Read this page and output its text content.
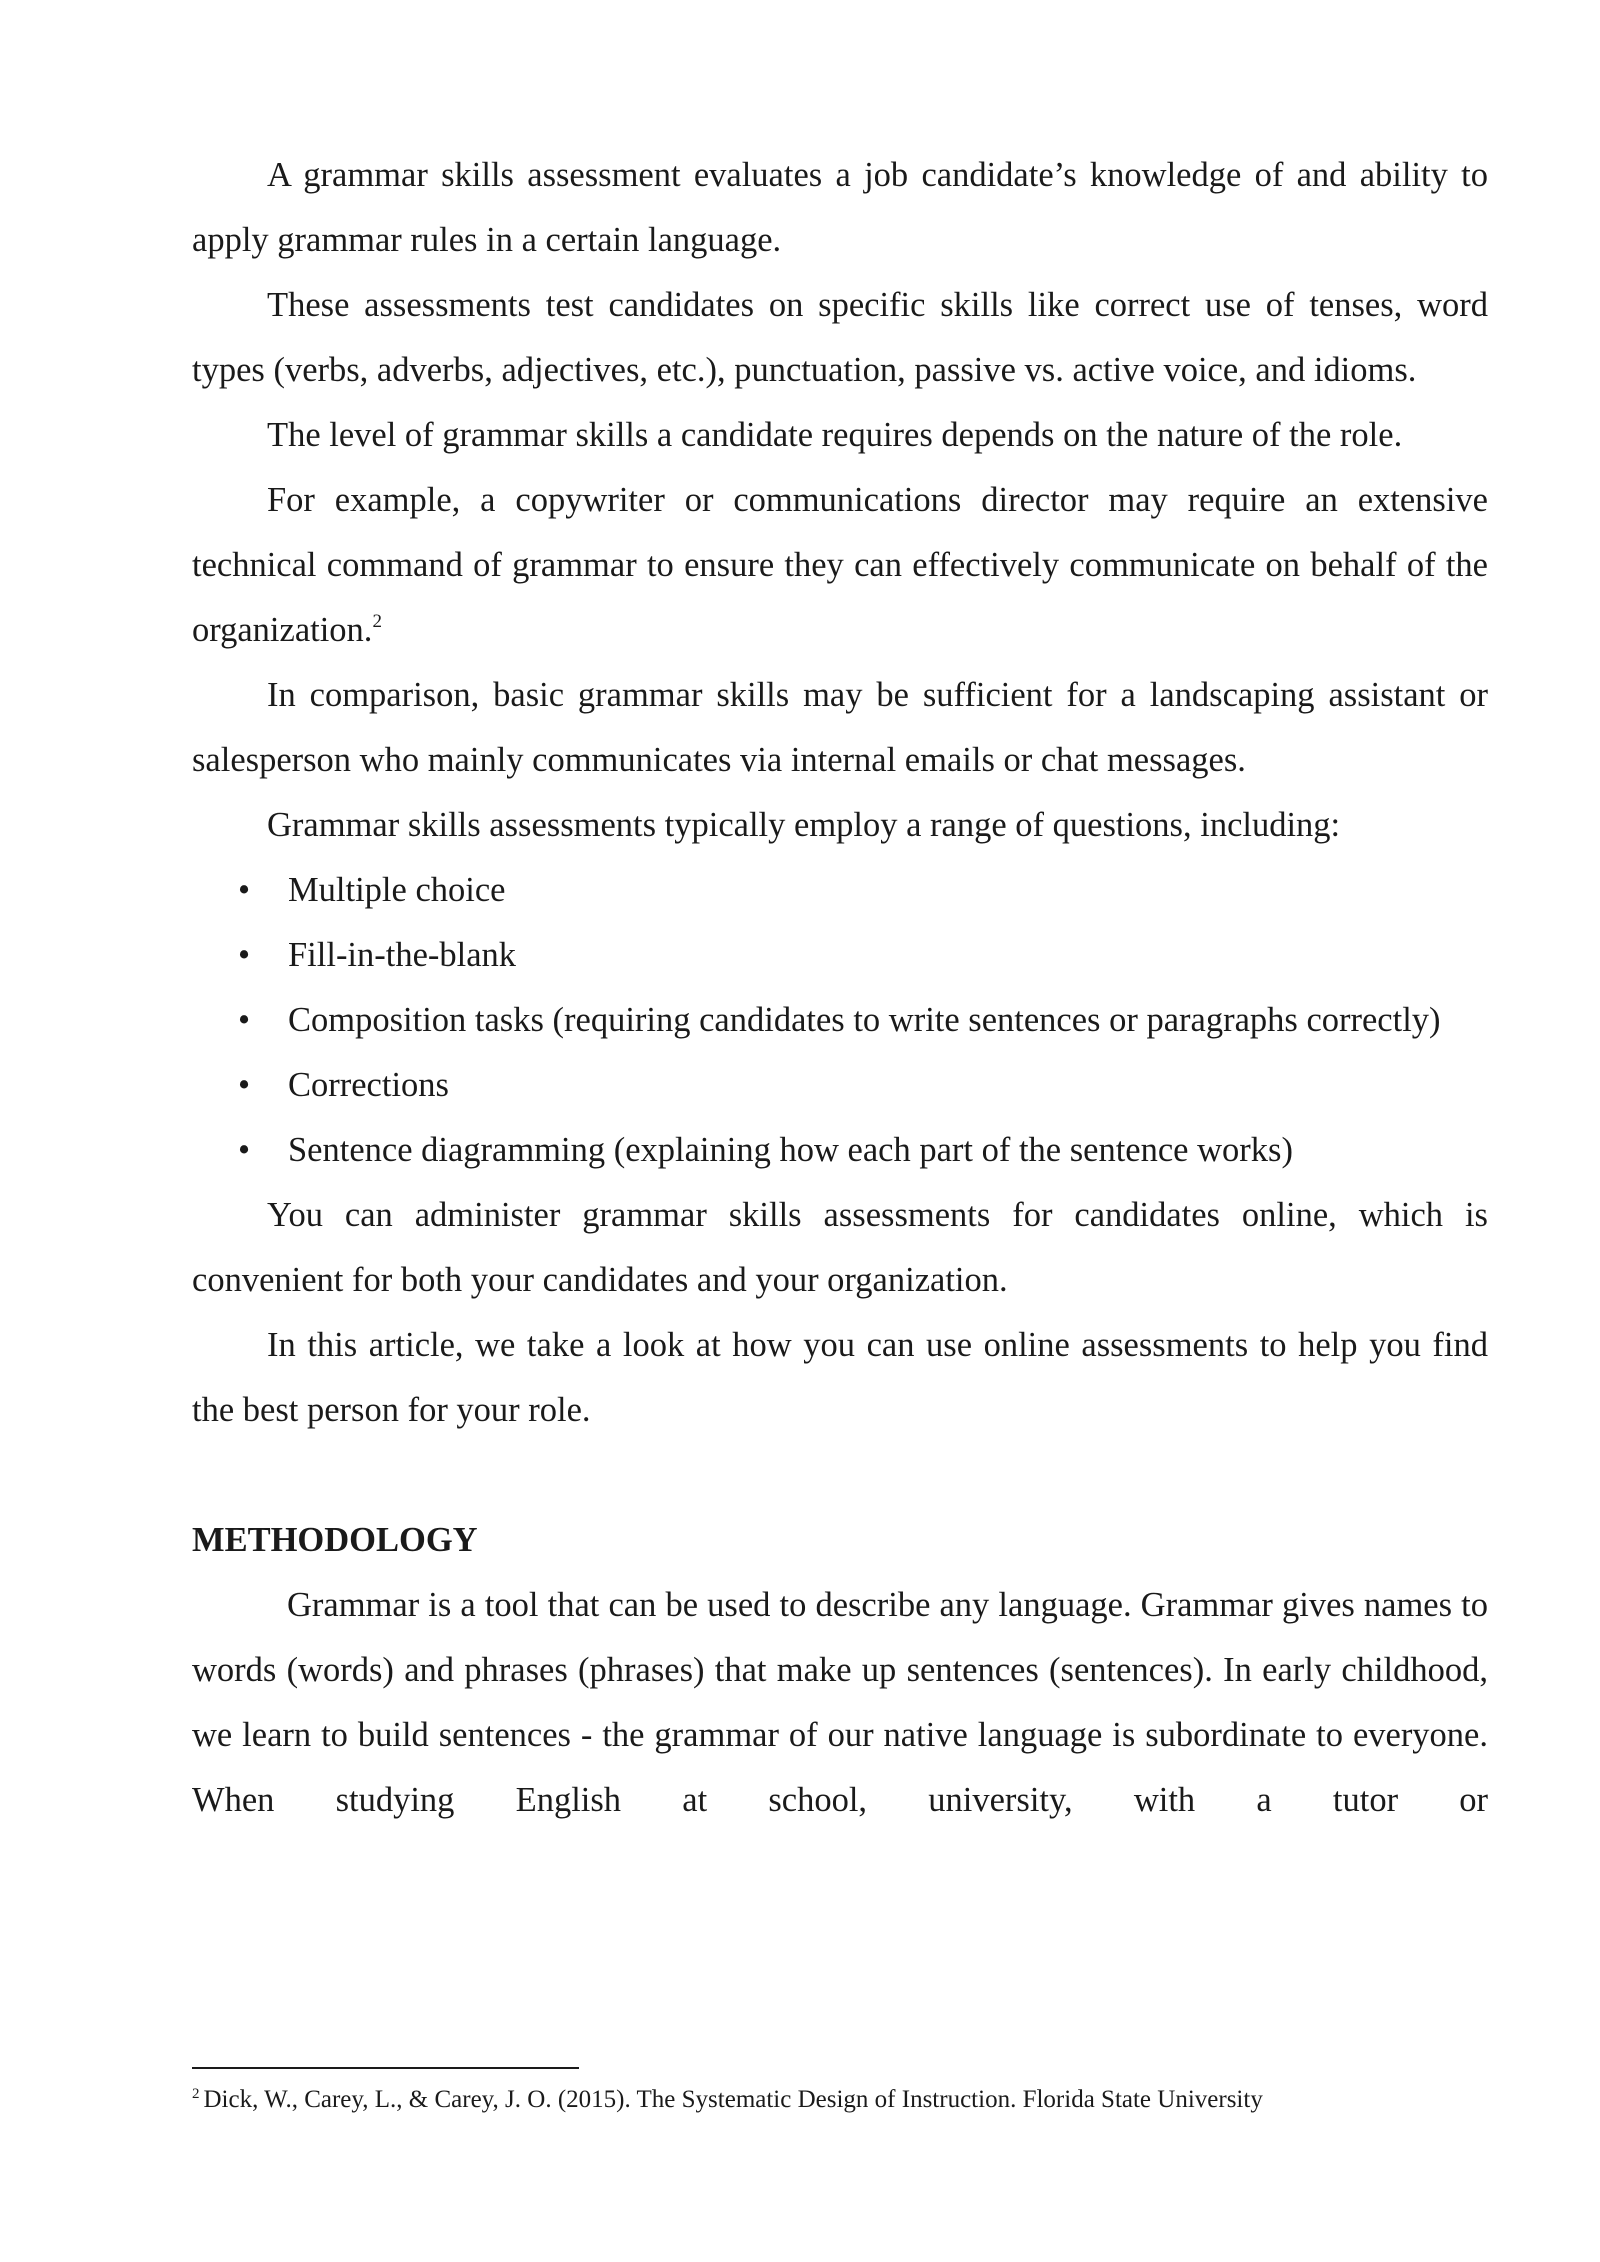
A grammar skills assessment evaluates a job candidate’s knowledge of and ability to apply grammar rules in a certain language.

These assessments test candidates on specific skills like correct use of tenses, word types (verbs, adverbs, adjectives, etc.), punctuation, passive vs. active voice, and idioms.

The level of grammar skills a candidate requires depends on the nature of the role.

For example, a copywriter or communications director may require an extensive technical command of grammar to ensure they can effectively communicate on behalf of the organization.$^2$

In comparison, basic grammar skills may be sufficient for a landscaping assistant or salesperson who mainly communicates via internal emails or chat messages.

Grammar skills assessments typically employ a range of questions, including:

• Multiple choice
• Fill-in-the-blank
• Composition tasks (requiring candidates to write sentences or paragraphs correctly)
• Corrections
• Sentence diagramming (explaining how each part of the sentence works)

You can administer grammar skills assessments for candidates online, which is convenient for both your candidates and your organization.

In this article, we take a look at how you can use online assessments to help you find the best person for your role.

METHODOLOGY

Grammar is a tool that can be used to describe any language. Grammar gives names to words (words) and phrases (phrases) that make up sentences (sentences). In early childhood, we learn to build sentences - the grammar of our native language is subordinate to everyone. When studying English at school, university, with a tutor or

$^2$ Dick, W., Carey, L., & Carey, J. O. (2015). The Systematic Design of Instruction. Florida State University
